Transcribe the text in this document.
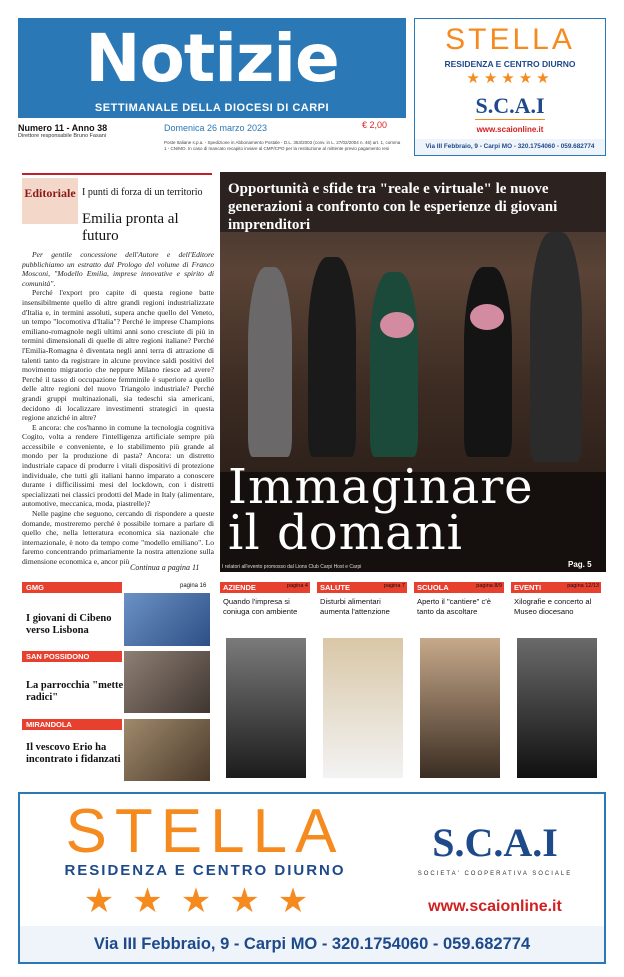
Notizie
SETTIMANALE DELLA DIOCESI DI CARPI
Numero 11 - Anno 38
Direttore responsabile Bruno Fasani
Domenica 26 marzo 2023	€ 2,00
Poste Italiane s.p.a. - Spedizione in Abbonamento Postale - D.L. 353/2003 (conv. in L. 27/02/2004 n. 46) art. 1, comma 1 - CN/MO. In caso di mancato recapito inviare al CMP/CPO per la restituzione al mittente previo pagamento resi
STELLA
RESIDENZA E CENTRO DIURNO
★★★★★
S.C.A.I
www.scaionline.it
Via III Febbraio, 9 - Carpi MO - 320.1754060 - 059.682774
Editoriale I punti di forza di un territorio
Emilia pronta al futuro

Per gentile concessione dell'Autore e dell'Editore pubblichiamo un estratto dal Prologo del volume di Franco Mosconi, "Modello Emilia, imprese innovative e spirito di comunità".

Perché l'export pro capite di questa regione batte insensibilmente quello di altre grandi regioni industrializzate d'Italia e, in termini assoluti, supera anche quello del Veneto, un tempo "locomotiva d'Italia"? Perché le imprese Champions emiliano-romagnole negli ultimi anni sono cresciute di più in termini dimensionali di quelle di altre regioni italiane? Perché l'Emilia-Romagna è diventata negli anni terra di attrazione di talenti tanto da registrare in alcune province saldi positivi del movimento migratorio che neppure Milano riesce ad avere? Perché il tasso di occupazione femminile è superiore a quello delle altre regioni del nuovo Triangolo industriale? Perché grandi gruppi multinazionali, sia tedeschi sia americani, decidono di localizzare investimenti strategici in questa regione anziché in altre?

E ancora: che cos'hanno in comune la tecnologia cognitiva Cogito, volta a rendere l'intelligenza artificiale sempre più accessibile e conveniente, e lo stabilimento più grande al mondo per la produzione di pasta? Ancora: un distretto industriale capace di produrre i vitali dispositivi di protezione individuale, che tutti gli italiani hanno imparato a conoscere durante i difficilissimi mesi del lockdown, con i distretti specializzati nei classici prodotti del Made in Italy (alimentare, automotive, meccanica, moda, piastrelle)?

Nelle pagine che seguono, cercando di rispondere a queste domande, mostreremo perché è possibile tornare a parlare di quello che, nella letteratura economica sia nazionale che internazionale, è noto da tempo come "modello emiliano". Lo faremo concentrando primariamente la nostra attenzione sulla dimensione economica e, ancor più

Continua a pagina 11
Opportunità e sfide tra "reale e virtuale" le nuove generazioni a confronto con le esperienze di giovani imprenditori
Immaginare
il domani
I relatori all'evento promosso dal Lions Club Carpi Host e Carpi	Pag. 5
GMG	pagina 16
I giovani di Cibeno verso Lisbona
SAN POSSIDONO
La parrocchia "mette radici"
MIRANDOLA
Il vescovo Erio ha incontrato i fidanzati
AZIENDE	pagina 4
Quando l'impresa si coniuga con ambiente
SALUTE	pagina 7
Disturbi alimentari aumenta l'attenzione
SCUOLA	pagina 8/9
Aperto il "cantiere" c'è tanto da ascoltare
EVENTI	pagina 12/13
Xilografie e concerto al Museo diocesano
STELLA
RESIDENZA E CENTRO DIURNO
★★★★★
S.C.A.I
SOCIETA' COOPERATIVA SOCIALE
www.scaionline.it
Via III Febbraio, 9 - Carpi MO - 320.1754060 - 059.682774
